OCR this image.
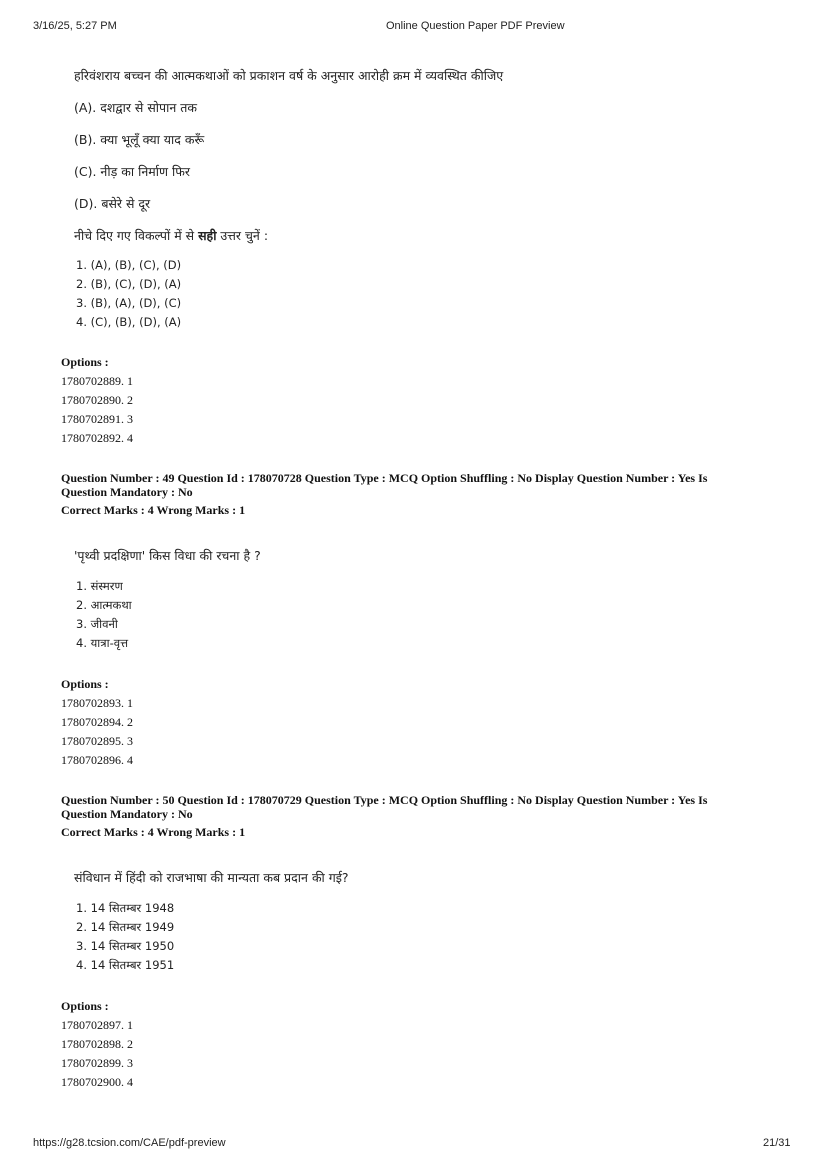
3/16/25, 5:27 PM	Online Question Paper PDF Preview
हरिवंशराय बच्चन की आत्मकथाओं को प्रकाशन वर्ष के अनुसार आरोही क्रम में व्यवस्थित कीजिए
(A). दशद्वार से सोपान तक
(B). क्या भूलूँ क्या याद करूँ
(C). नीड़ का निर्माण फिर
(D). बसेरे से दूर
नीचे दिए गए विकल्पों में से सही उत्तर चुनें :
1. (A), (B), (C), (D)
2. (B), (C), (D), (A)
3. (B), (A), (D), (C)
4. (C), (B), (D), (A)
Options :
1780702889. 1
1780702890. 2
1780702891. 3
1780702892. 4
Question Number : 49 Question Id : 178070728 Question Type : MCQ Option Shuffling : No Display Question Number : Yes Is
Question Mandatory : No
Correct Marks : 4 Wrong Marks : 1
'पृथ्वी प्रदक्षिणा' किस विधा की रचना है ?
1. संस्मरण
2. आत्मकथा
3. जीवनी
4. यात्रा-वृत्त
Options :
1780702893. 1
1780702894. 2
1780702895. 3
1780702896. 4
Question Number : 50 Question Id : 178070729 Question Type : MCQ Option Shuffling : No Display Question Number : Yes Is
Question Mandatory : No
Correct Marks : 4 Wrong Marks : 1
संविधान में हिंदी को राजभाषा की मान्यता कब प्रदान की गई?
1. 14 सितम्बर 1948
2. 14 सितम्बर 1949
3. 14 सितम्बर 1950
4. 14 सितम्बर 1951
Options :
1780702897. 1
1780702898. 2
1780702899. 3
1780702900. 4
https://g28.tcsion.com/CAE/pdf-preview	21/31
